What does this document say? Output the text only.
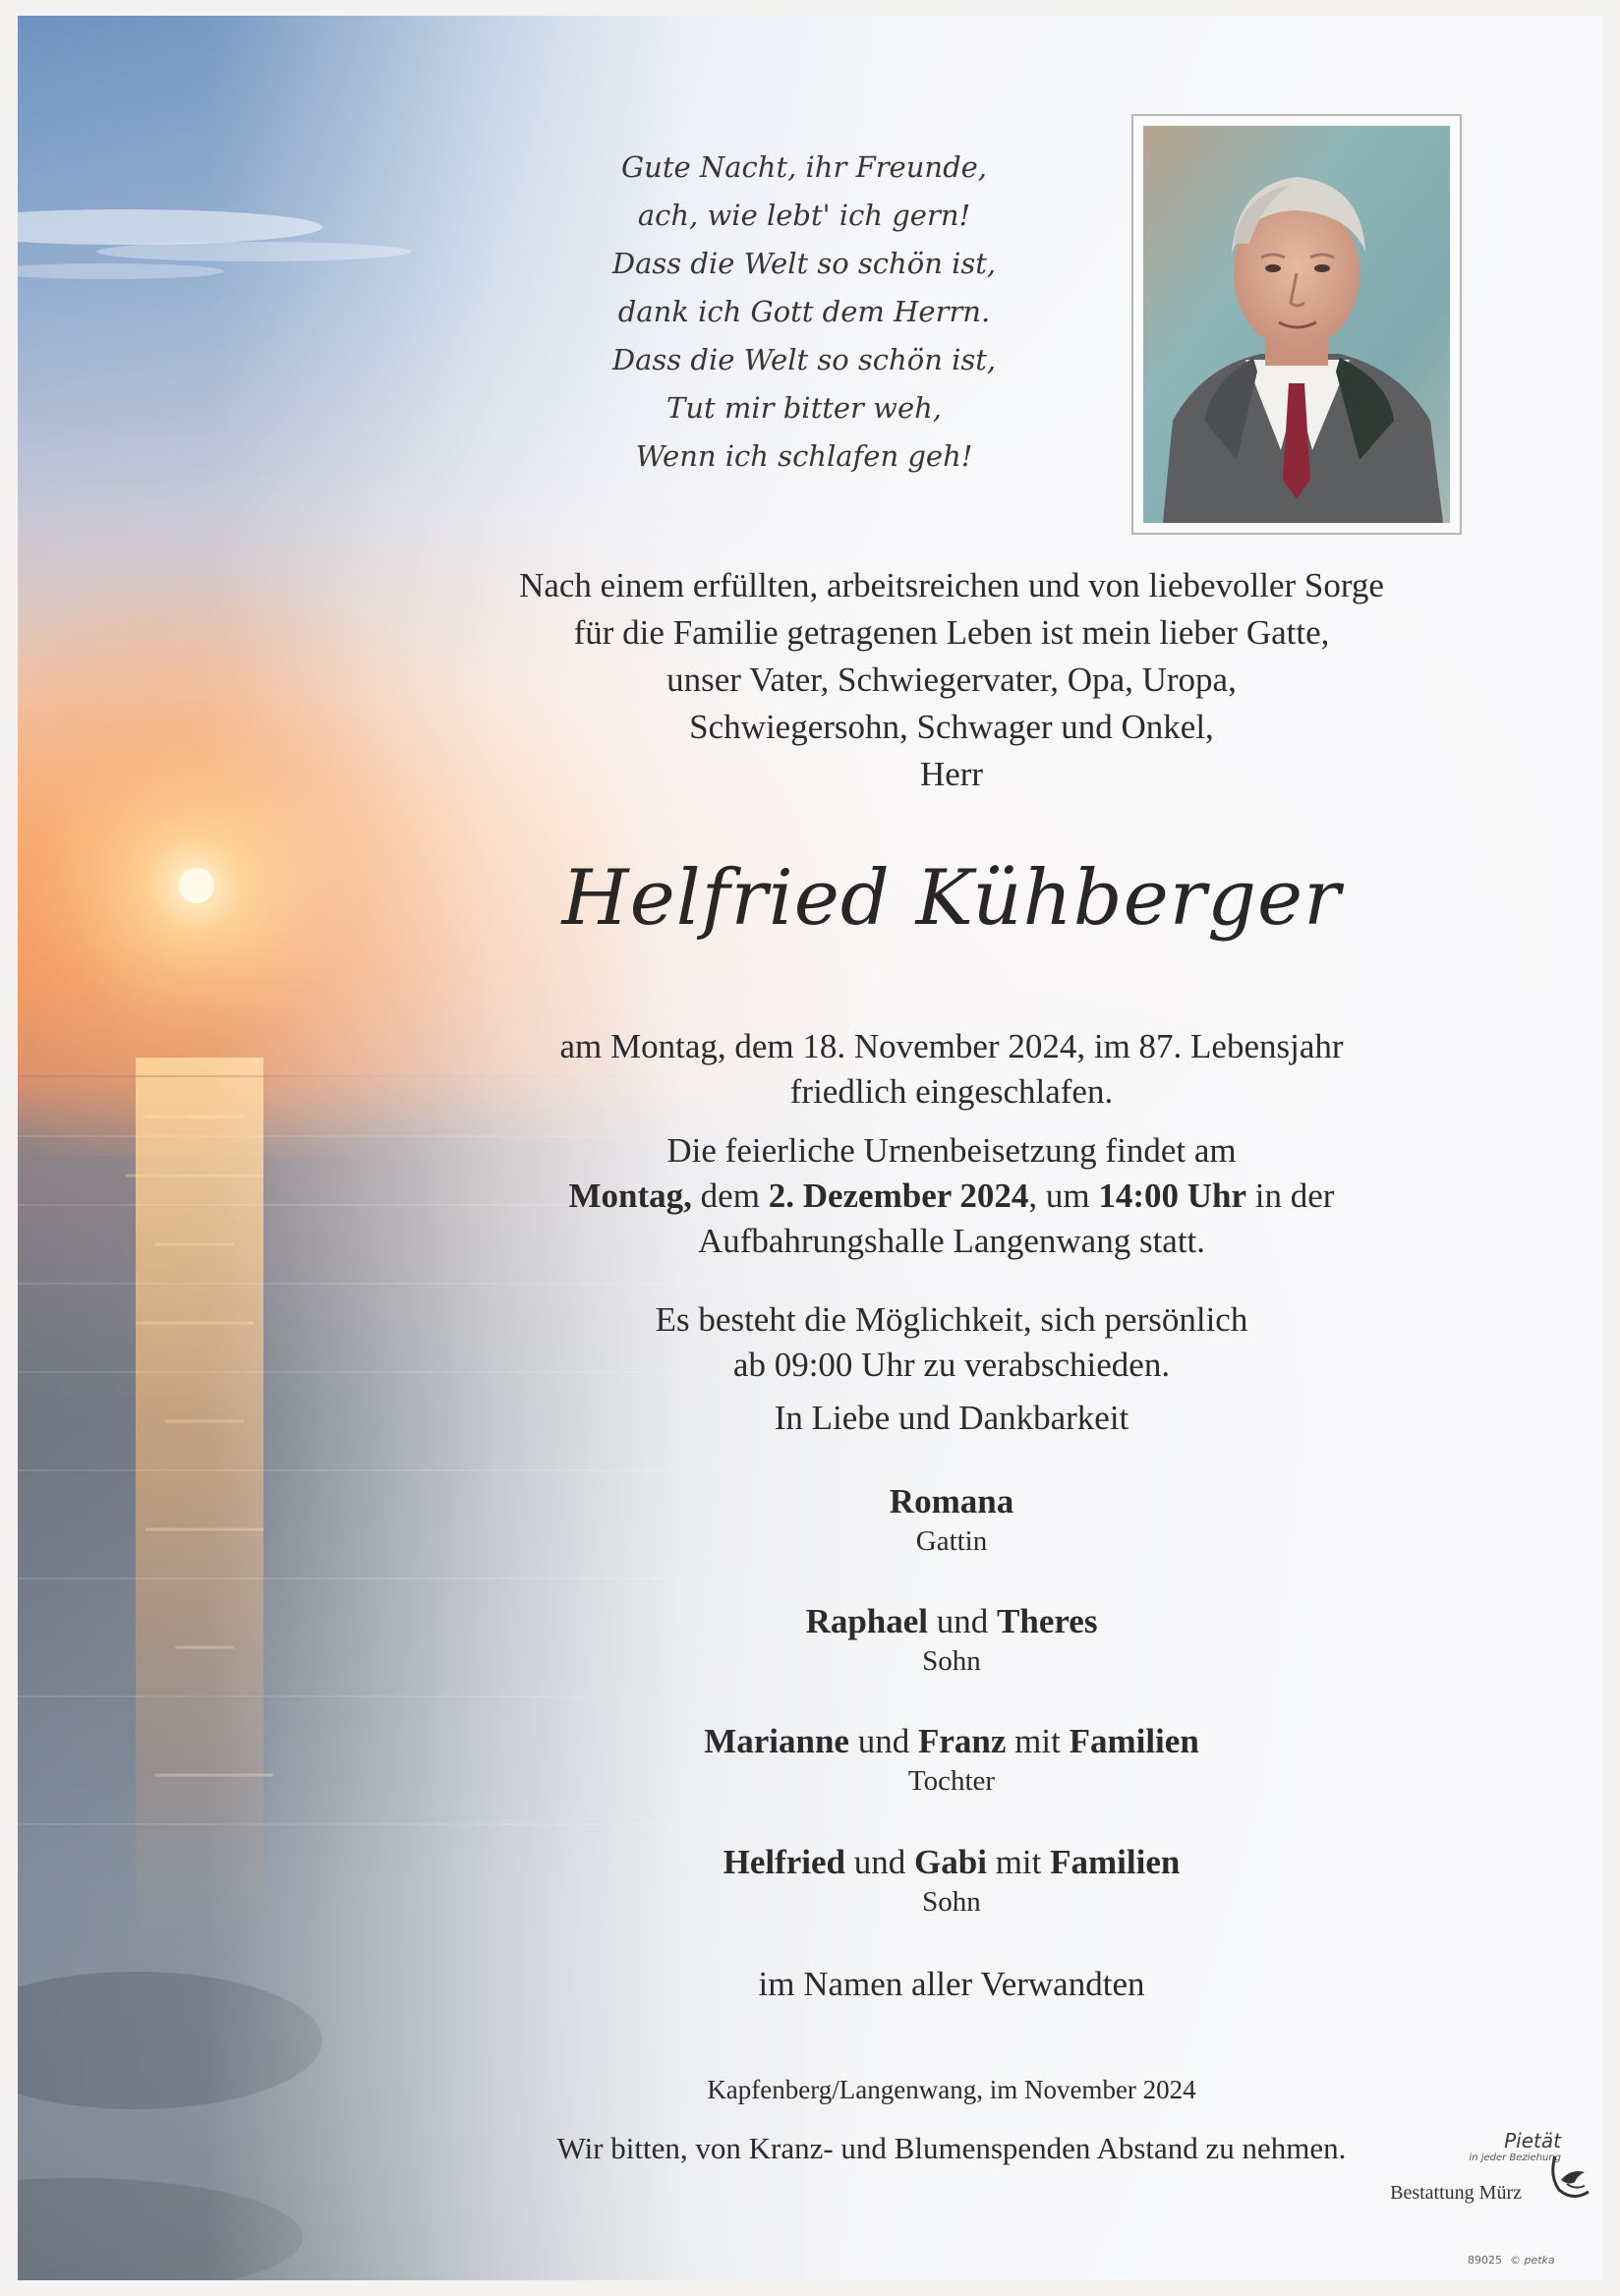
Gute Nacht, ihr Freunde,
ach, wie lebt' ich gern!
Dass die Welt so schön ist,
dank ich Gott dem Herrn.
Dass die Welt so schön ist,
Tut mir bitter weh,
Wenn ich schlafen geh!
Nach einem erfüllten, arbeitsreichen und von liebevoller Sorge
für die Familie getragenen Leben ist mein lieber Gatte,
unser Vater, Schwiegervater, Opa, Uropa,
Schwiegersohn, Schwager und Onkel,
Herr
Helfried Kühberger
am Montag, dem 18. November 2024, im 87. Lebensjahr
friedlich eingeschlafen.
Die feierliche Urnenbeisetzung findet am
Montag, dem 2. Dezember 2024, um 14:00 Uhr in der
Aufbahrungshalle Langenwang statt.
Es besteht die Möglichkeit, sich persönlich
ab 09:00 Uhr zu verabschieden.
In Liebe und Dankbarkeit
Romana
Gattin
Raphael und Theres
Sohn
Marianne und Franz mit Familien
Tochter
Helfried und Gabi mit Familien
Sohn
im Namen aller Verwandten
Kapfenberg/Langenwang, im November 2024
Wir bitten, von Kranz- und Blumenspenden Abstand zu nehmen.	Pietät
in jeder Beziehung
Bestattung Mürz
89025 © petka
